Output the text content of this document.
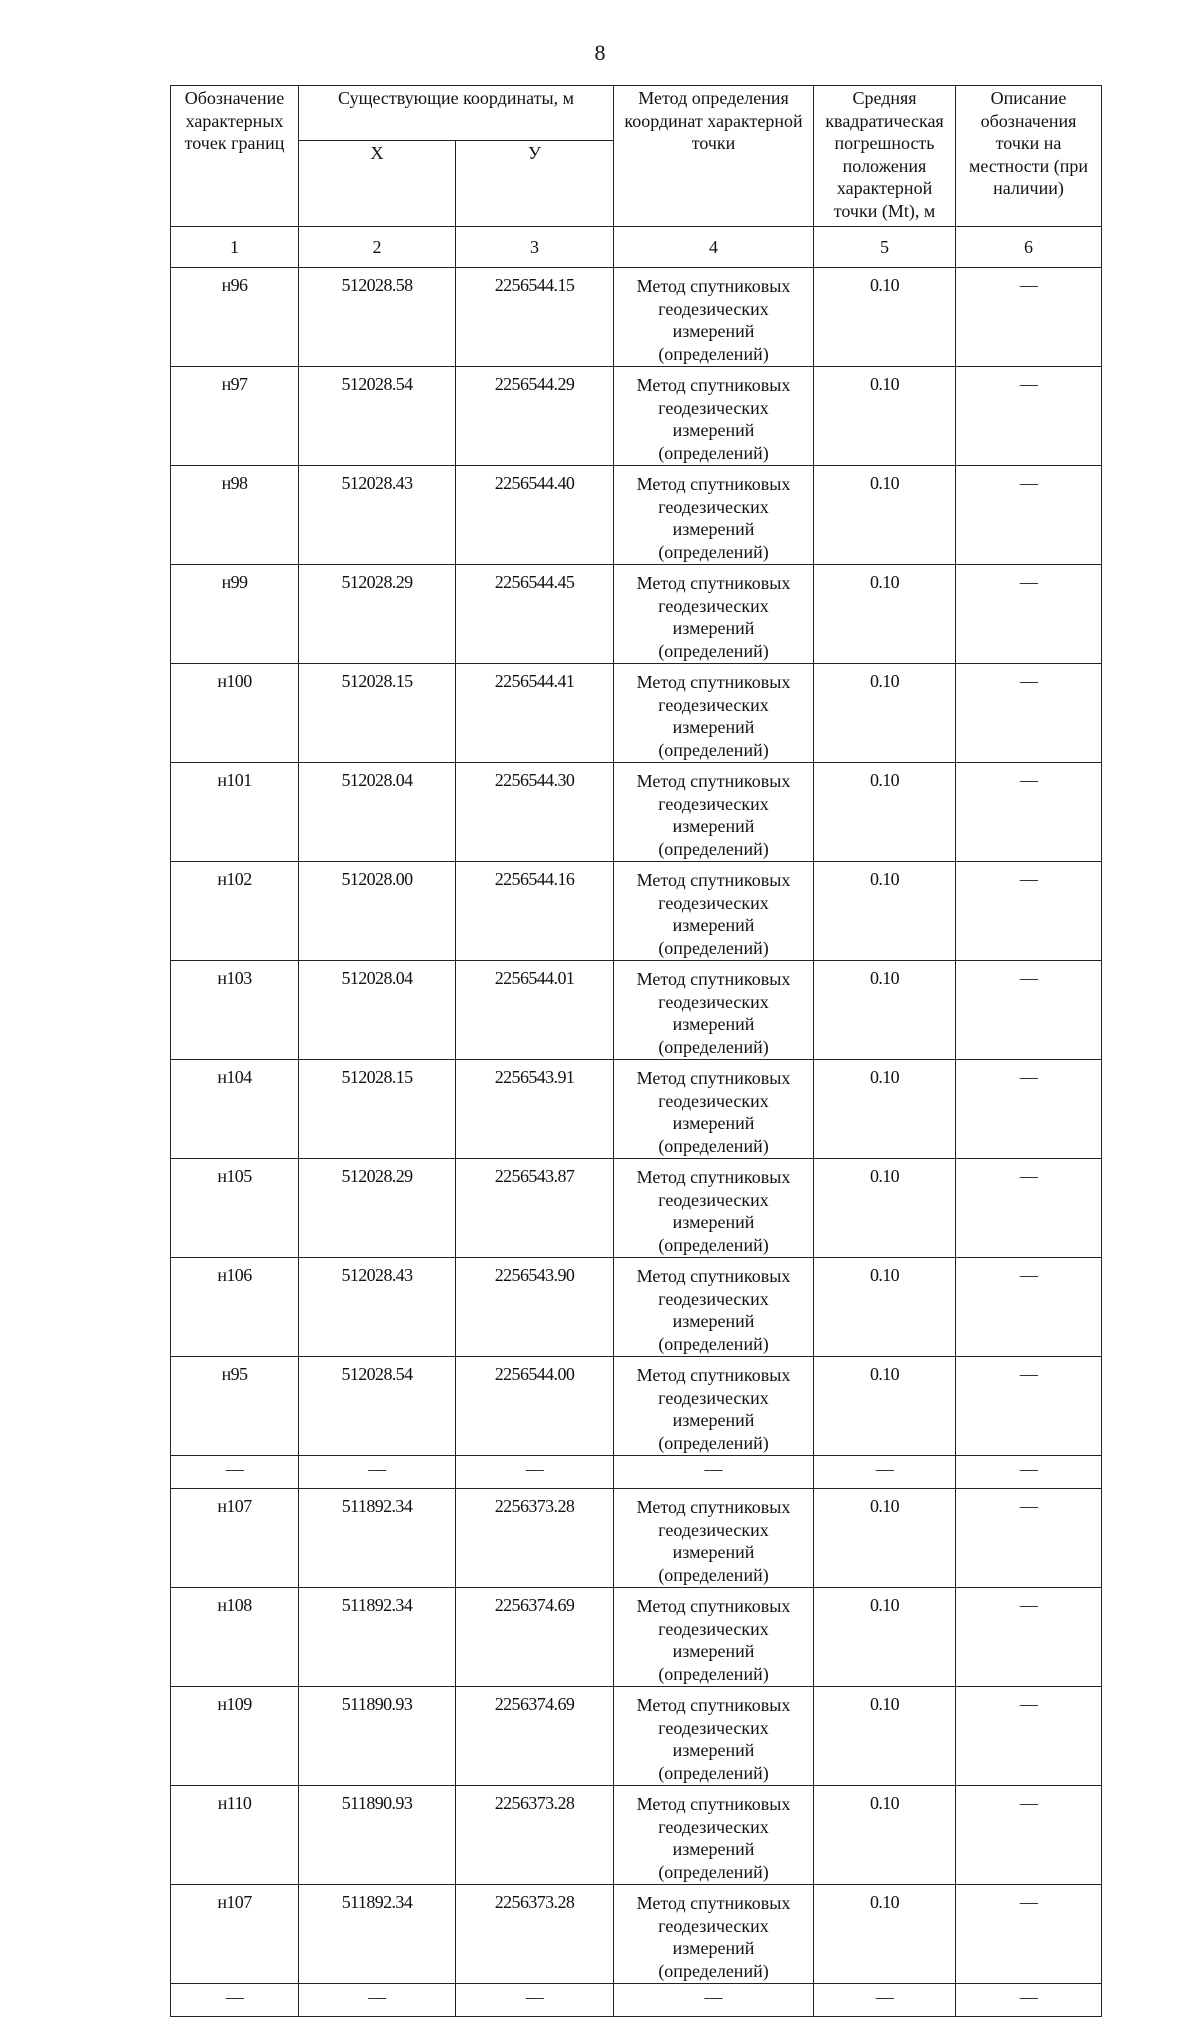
8
Обозначение характерных точек границ	Существующие координаты, м		Метод определения координат характерной точки	Средняя квадратическая погрешность положения характерной точки (Mt), м	Описание обозначения точки на местности (при наличии)
	Х	У			
1	2	3	4	5	6
н96	512028.58	2256544.15	Метод спутниковых геодезических измерений (определений)	0.10	—
н97	512028.54	2256544.29	Метод спутниковых геодезических измерений (определений)	0.10	—
н98	512028.43	2256544.40	Метод спутниковых геодезических измерений (определений)	0.10	—
н99	512028.29	2256544.45	Метод спутниковых геодезических измерений (определений)	0.10	—
н100	512028.15	2256544.41	Метод спутниковых геодезических измерений (определений)	0.10	—
н101	512028.04	2256544.30	Метод спутниковых геодезических измерений (определений)	0.10	—
н102	512028.00	2256544.16	Метод спутниковых геодезических измерений (определений)	0.10	—
н103	512028.04	2256544.01	Метод спутниковых геодезических измерений (определений)	0.10	—
н104	512028.15	2256543.91	Метод спутниковых геодезических измерений (определений)	0.10	—
н105	512028.29	2256543.87	Метод спутниковых геодезических измерений (определений)	0.10	—
н106	512028.43	2256543.90	Метод спутниковых геодезических измерений (определений)	0.10	—
н95	512028.54	2256544.00	Метод спутниковых геодезических измерений (определений)	0.10	—
—	—	—	—	—	—
н107	511892.34	2256373.28	Метод спутниковых геодезических измерений (определений)	0.10	—
н108	511892.34	2256374.69	Метод спутниковых геодезических измерений (определений)	0.10	—
н109	511890.93	2256374.69	Метод спутниковых геодезических измерений (определений)	0.10	—
н110	511890.93	2256373.28	Метод спутниковых геодезических измерений (определений)	0.10	—
н107	511892.34	2256373.28	Метод спутниковых геодезических измерений (определений)	0.10	—
—	—	—	—	—	—
